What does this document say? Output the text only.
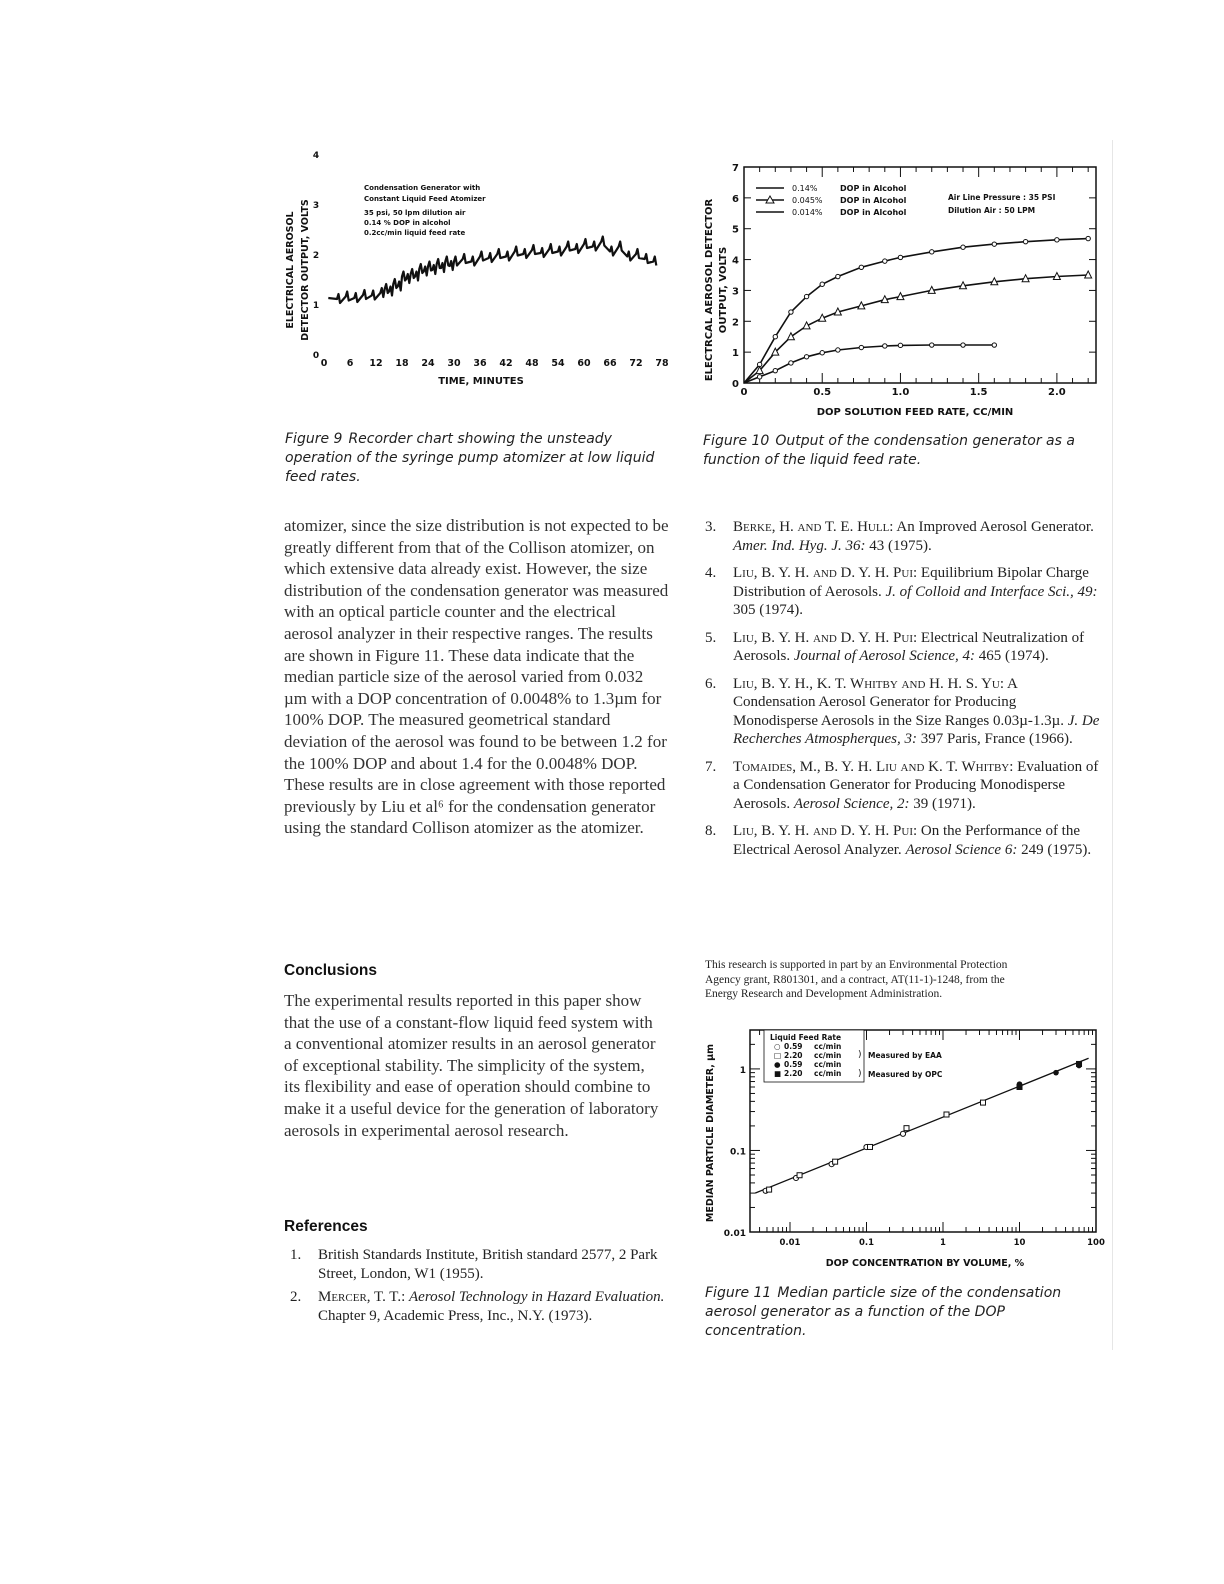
ELECTRICAL AEROSOL DETECTOR OUTPUT, VOLTS
0
1
2
3
4
0 6 12 18 24 30 36 42 48 54 60 66 72 78
Condensation Generator with
Constant Liquid Feed Atomizer
35 psi, 50 lpm dilution air
0.14 % DOP in alcohol
0.2cc/min liquid feed rate
TIME, MINUTES
Figure 9 Recorder chart showing the unsteady operation of the syringe pump atomizer at low liquid feed rates.
ELECTRCAL AEROSOL DETECTOR OUTPUT, VOLTS
0
1
2
3
4
5
6
7
0	0.5	1.0	1.5	2.0
0.14%	DOP in Alcohol
0.045% DOP in Alcohol
0.014% DOP in Alcohol
Air Line Pressure : 35 PSI
Dilution Air : 50 LPM
DOP SOLUTION FEED RATE, CC/MIN
Figure 10 Output of the condensation generator as a function of the liquid feed rate.
atomizer, since the size distribution is not expected to be greatly different from that of the Collison atomizer, on which extensive data already exist. However, the size distribution of the condensation generator was measured with an optical particle counter and the electrical aerosol analyzer in their respective ranges. The results are shown in Figure 11. These data indicate that the median particle size of the aerosol varied from 0.032 µm with a DOP concentration of 0.0048% to 1.3µm for 100% DOP. The measured geometrical standard deviation of the aerosol was found to be between 1.2 for the 100% DOP and about 1.4 for the 0.0048% DOP. These results are in close agreement with those reported previously by Liu et al⁶ for the condensation generator using the standard Collison atomizer as the atomizer.
Conclusions
The experimental results reported in this paper show that the use of a constant-flow liquid feed system with a conventional atomizer results in an aerosol generator of exceptional stability. The simplicity of the system, its flexibility and ease of operation should combine to make it a useful device for the generation of laboratory aerosols in experimental aerosol research.
References
1. British Standards Institute, British standard 2577, 2 Park Street, London, W1 (1955).
2. Mercer, T. T.: Aerosol Technology in Hazard Evaluation. Chapter 9, Academic Press, Inc., N.Y. (1973).
3. Berke, H. and T. E. Hull: An Improved Aerosol Generator. Amer. Ind. Hyg. J. 36: 43 (1975).
4. Liu, B. Y. H. and D. Y. H. Pui: Equilibrium Bipolar Charge Distribution of Aerosols. J. of Colloid and Interface Sci., 49: 305 (1974).
5. Liu, B. Y. H. and D. Y. H. Pui: Electrical Neutralization of Aerosols. Journal of Aerosol Science, 4: 465 (1974).
6. Liu, B. Y. H., K. T. Whitby and H. H. S. Yu: A Condensation Aerosol Generator for Producing Monodisperse Aerosols in the Size Ranges 0.03µ-1.3µ. J. De Recherches Atmospherques, 3: 397 Paris, France (1966).
7. Tomaides, M., B. Y. H. Liu and K. T. Whitby: Evaluation of a Condensation Generator for Producing Monodisperse Aerosols. Aerosol Science, 2: 39 (1971).
8. Liu, B. Y. H. and D. Y. H. Pui: On the Performance of the Electrical Aerosol Analyzer. Aerosol Science 6: 249 (1975).
This research is supported in part by an Environmental Protection Agency grant, R801301, and a contract, AT(11-1)-1248, from the Energy Research and Development Administration.
MEDIAN PARTICLE DIAMETER, µm
0.01
0.1
1
0.01	0.1	1	10	100
Liquid Feed Rate
○ 0.59 cc/min
□ 2.20 cc/min
● 0.59 cc/min
■ 2.20 cc/min
)
)
Measured by EAA
Measured by OPC
DOP CONCENTRATION BY VOLUME, %
Figure 11 Median particle size of the condensation aerosol generator as a function of the DOP concentration.
